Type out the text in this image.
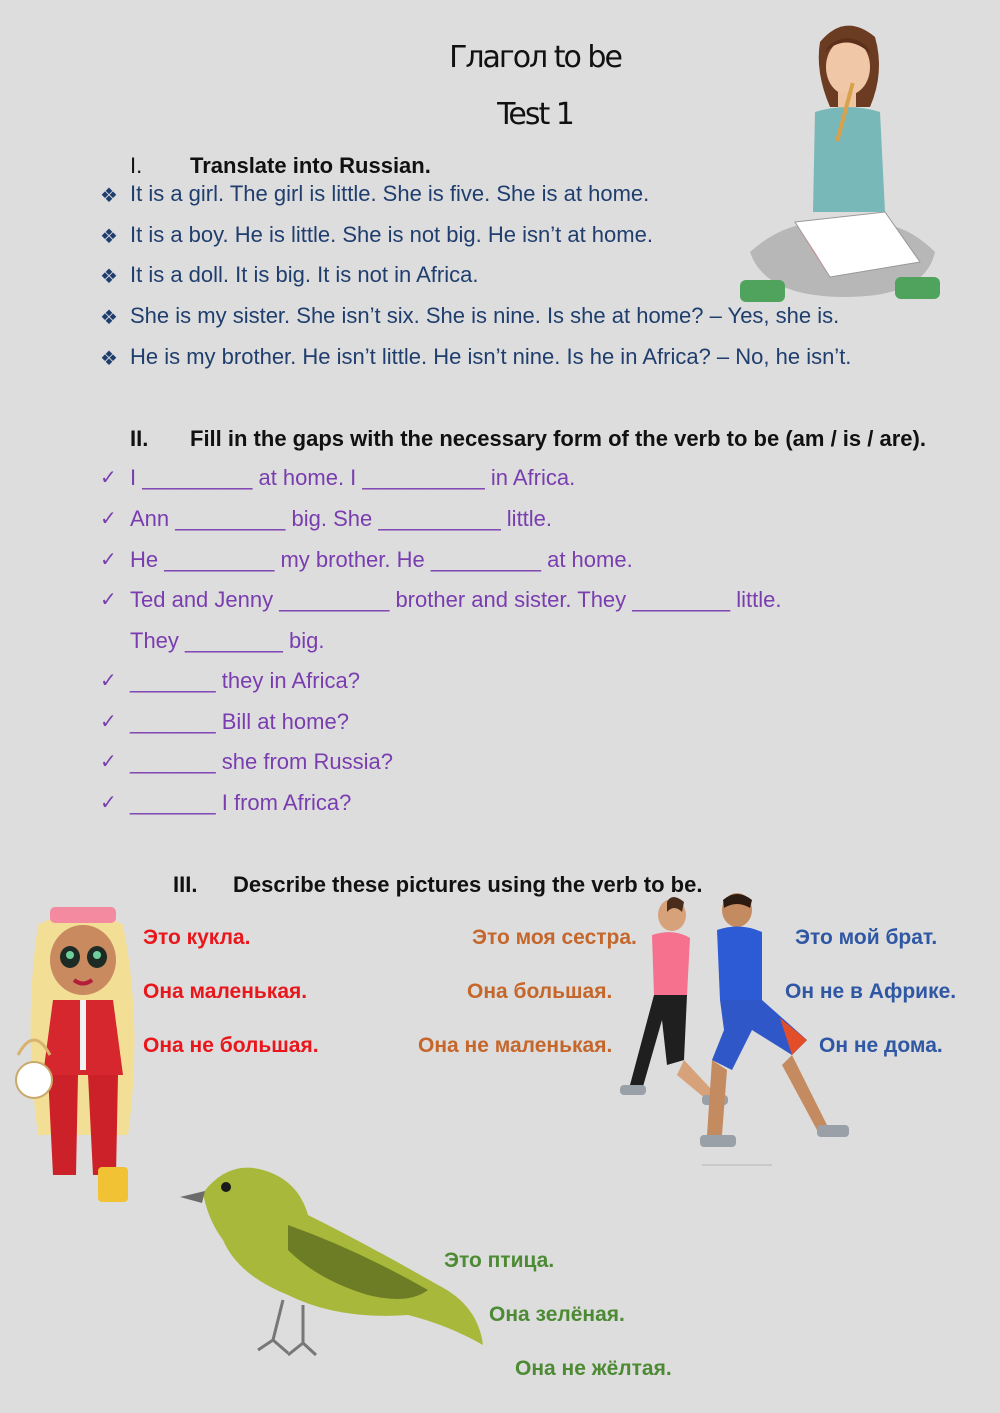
Глагол to be
Test 1
I. Translate into Russian.
❖ It is a girl. The girl is little. She is five. She is at home.
❖ It is a boy. He is little. She is not big. He isn’t at home.
❖ It is a doll. It is big. It is not in Africa.
❖ She is my sister. She isn’t six. She is nine. Is she at home? – Yes, she is.
❖ He is my brother. He isn’t little. He isn’t nine. Is he in Africa? – No, he isn’t.
II. Fill in the gaps with the necessary form of the verb to be (am / is / are).
✓ I _________ at home. I __________ in Africa.
✓ Ann _________ big. She __________ little.
✓ He _________ my brother. He _________ at home.
✓ Ted and Jenny _________ brother and sister. They ________ little.
They ________ big.
✓ _______ they in Africa?
✓ _______ Bill at home?
✓ _______ she from Russia?
✓ _______ I from Africa?
III. Describe these pictures using the verb to be.
Это кукла.
Она маленькая.
Она не большая.
Это моя сестра.
Она большая.
Она не маленькая.
Это мой брат.
Он не в Африке.
Он не дома.
Это птица.
Она зелёная.
Она не жёлтая.
